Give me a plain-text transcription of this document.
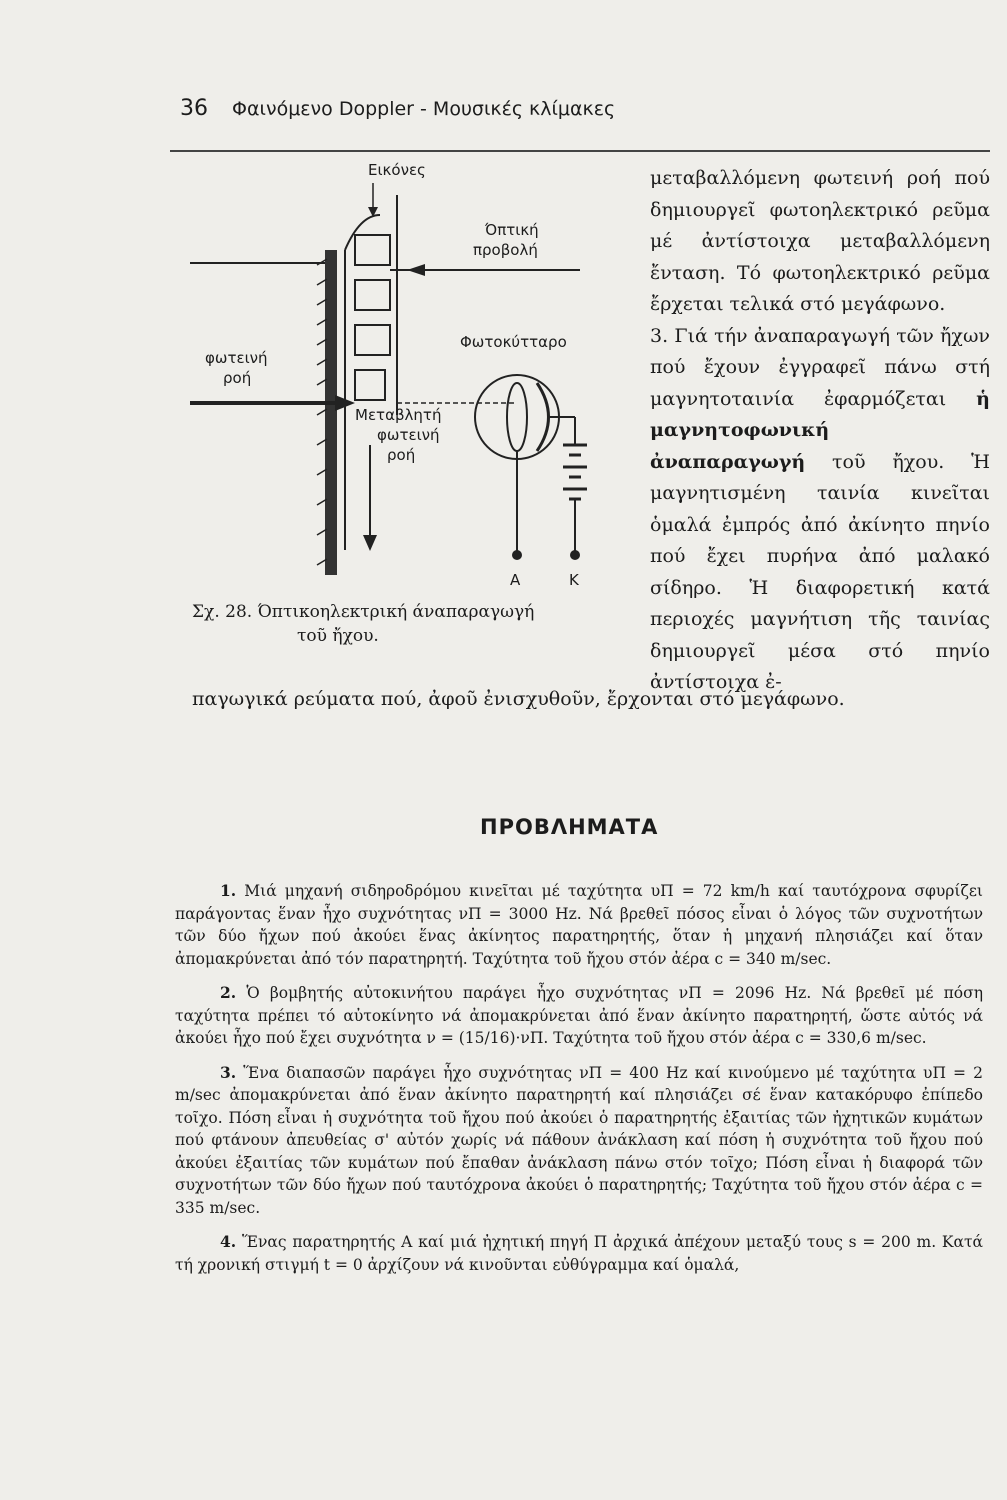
36 Φαινόμενο Doppler - Μουσικές κλίμακες
Εικόνες
Όπτική
προβολή
Φωτοκύτταρο
φωτεινή
ροή
Μεταβλητή
φωτεινή
ροή
Α	Κ
Σχ. 28. Όπτικοηλεκτρική άναπαραγωγή
τοῦ ἤχου.

μεταβαλλόμενη φωτεινή ροή πού δημιουργεῖ φωτοηλεκτρικό ρεῦμα μέ ἀντίστοιχα μεταβαλλόμενη ἔνταση. Τό φωτοηλεκτρικό ρεῦμα ἔρχεται τελικά στό μεγάφωνο.

3. Γιά τήν ἀναπαραγωγή τῶν ἤχων πού ἔχουν ἐγγραφεῖ πάνω στή μαγνητοταινία ἐφαρμόζεται ἡ μαγνητοφωνική ἀναπαραγωγή τοῦ ἤχου. Ἡ μαγνητισμένη ταινία κινεῖται ὁμαλά ἐμπρός ἀπό ἀκίνητο πηνίο πού ἔχει πυρήνα ἀπό μαλακό σίδηρο. Ἡ διαφορετική κατά περιοχές μαγνήτιση τῆς ταινίας δημιουργεῖ μέσα στό πηνίο ἀντίστοιχα ἐ-

παγωγικά ρεύματα πού, ἀφοῦ ἐνισχυθοῦν, ἔρχονται στό μεγάφωνο.
ΠΡΟΒΛΗΜΑΤΑ

1. Μιά μηχανή σιδηροδρόμου κινεῖται μέ ταχύτητα υΠ = 72 km/h καί ταυτόχρονα σφυρίζει παράγοντας ἕναν ἦχο συχνότητας νΠ = 3000 Hz. Νά βρεθεῖ πόσος εἶναι ὁ λόγος τῶν συχνοτήτων τῶν δύο ἤχων πού ἀκούει ἕνας ἀκίνητος παρατηρητής, ὅταν ἡ μηχανή πλησιάζει καί ὅταν ἀπομακρύνεται ἀπό τόν παρατηρητή. Ταχύτητα τοῦ ἤχου στόν ἀέρα c = 340 m/sec.

2. Ὁ βομβητής αὐτοκινήτου παράγει ἦχο συχνότητας νΠ = 2096 Hz. Νά βρεθεῖ μέ πόση ταχύτητα πρέπει τό αὐτοκίνητο νά ἀπομακρύνεται ἀπό ἕναν ἀκίνητο παρατηρητή, ὥστε αὐτός νά ἀκούει ἦχο πού ἔχει συχνότητα ν = (15/16)·νΠ. Ταχύτητα τοῦ ἤχου στόν ἀέρα c = 330,6 m/sec.

3. Ἕνα διαπασῶν παράγει ἦχο συχνότητας νΠ = 400 Hz καί κινούμενο μέ ταχύτητα υΠ = 2 m/sec ἀπομακρύνεται ἀπό ἕναν ἀκίνητο παρατηρητή καί πλησιάζει σέ ἕναν κατακόρυφο ἐπίπεδο τοῖχο. Πόση εἶναι ἡ συχνότητα τοῦ ἤχου πού ἀκούει ὁ παρατηρητής ἐξαιτίας τῶν ἠχητικῶν κυμάτων πού φτάνουν ἀπευθείας σ' αὐτόν χωρίς νά πάθουν ἀνάκλαση καί πόση ἡ συχνότητα τοῦ ἤχου πού ἀκούει ἐξαιτίας τῶν κυμάτων πού ἔπαθαν ἀνάκλαση πάνω στόν τοῖχο; Πόση εἶναι ἡ διαφορά τῶν συχνοτήτων τῶν δύο ἤχων πού ταυτόχρονα ἀκούει ὁ παρατηρητής; Ταχύτητα τοῦ ἤχου στόν ἀέρα c = 335 m/sec.

4. Ἕνας παρατηρητής Α καί μιά ἠχητική πηγή Π ἀρχικά ἀπέχουν μεταξύ τους s = 200 m. Κατά τή χρονική στιγμή t = 0 ἀρχίζουν νά κινοῦνται εὐθύγραμμα καί ὁμαλά,
